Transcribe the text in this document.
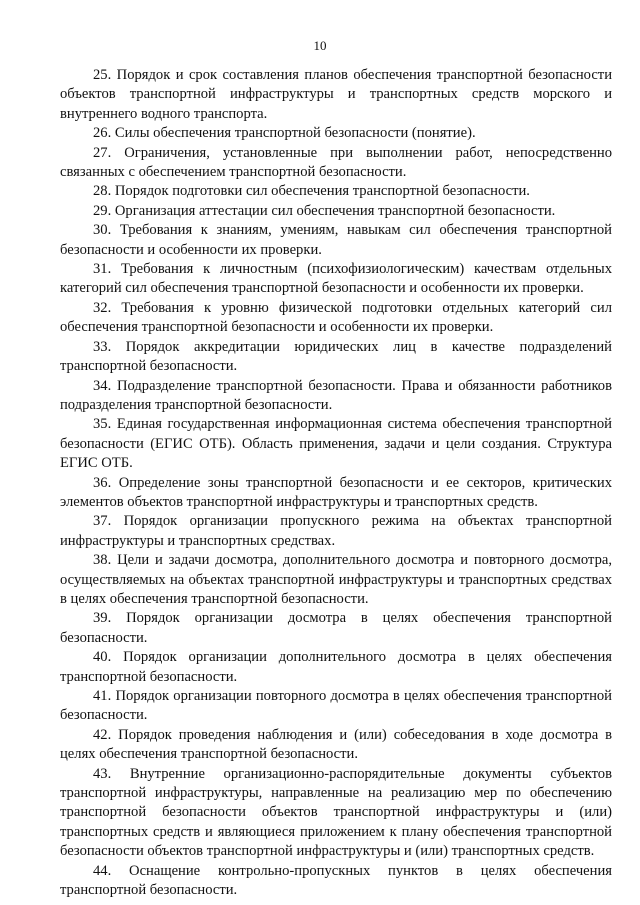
10

25. Порядок и срок составления планов обеспечения транспортной безопасности объектов транспортной инфраструктуры и транспортных средств морского и внутреннего водного транспорта.

26. Силы обеспечения транспортной безопасности (понятие).

27. Ограничения, установленные при выполнении работ, непосредственно связанных с обеспечением транспортной безопасности.

28. Порядок подготовки сил обеспечения транспортной безопасности.

29. Организация аттестации сил обеспечения транспортной безопасности.

30. Требования к знаниям, умениям, навыкам сил обеспечения транспортной безопасности и особенности их проверки.

31. Требования к личностным (психофизиологическим) качествам отдельных категорий сил обеспечения транспортной безопасности и особенности их проверки.

32. Требования к уровню физической подготовки отдельных категорий сил обеспечения транспортной безопасности и особенности их проверки.

33. Порядок аккредитации юридических лиц в качестве подразделений транспортной безопасности.

34. Подразделение транспортной безопасности. Права и обязанности работников подразделения транспортной безопасности.

35. Единая государственная информационная система обеспечения транспортной безопасности (ЕГИС ОТБ). Область применения, задачи и цели создания. Структура ЕГИС ОТБ.

36. Определение зоны транспортной безопасности и ее секторов, критических элементов объектов транспортной инфраструктуры и транспортных средств.

37. Порядок организации пропускного режима на объектах транспортной инфраструктуры и транспортных средствах.

38. Цели и задачи досмотра, дополнительного досмотра и повторного досмотра, осуществляемых на объектах транспортной инфраструктуры и транспортных средствах в целях обеспечения транспортной безопасности.

39. Порядок организации досмотра в целях обеспечения транспортной безопасности.

40. Порядок организации дополнительного досмотра в целях обеспечения транспортной безопасности.

41. Порядок организации повторного досмотра в целях обеспечения транспортной безопасности.

42. Порядок проведения наблюдения и (или) собеседования в ходе досмотра в целях обеспечения транспортной безопасности.

43. Внутренние организационно-распорядительные документы субъектов транспортной инфраструктуры, направленные на реализацию мер по обеспечению транспортной безопасности объектов транспортной инфраструктуры и (или) транспортных средств и являющиеся приложением к плану обеспечения транспортной безопасности объектов транспортной инфраструктуры и (или) транспортных средств.

44. Оснащение контрольно-пропускных пунктов в целях обеспечения транспортной безопасности.
